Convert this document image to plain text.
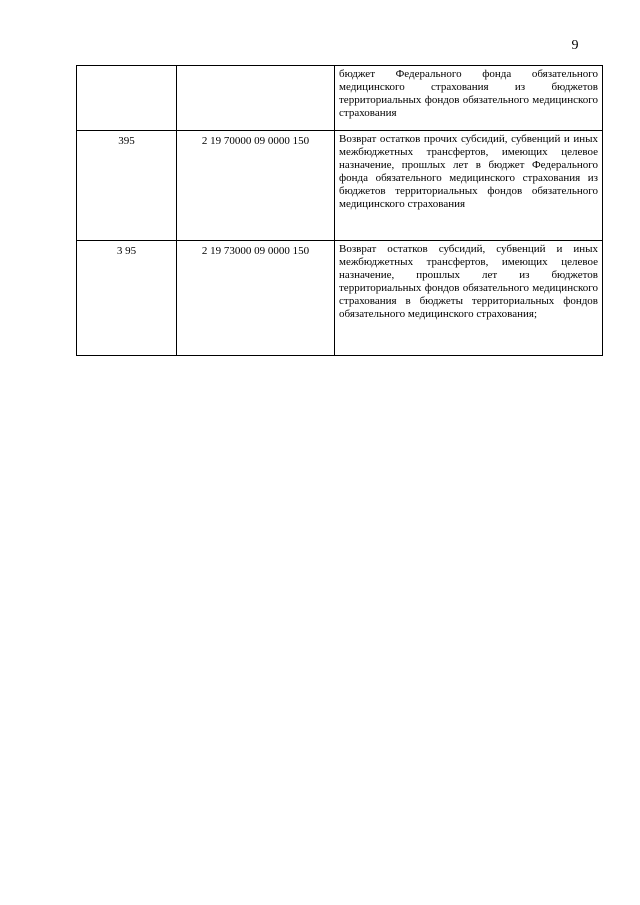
9
		бюджет Федерального фонда обязательного медицинского страхования из бюджетов территориальных фондов обязательного медицинского страхования
395	2 19 70000 09 0000 150	Возврат остатков прочих субсидий, субвенций и иных межбюджетных трансфертов, имеющих целевое назначение, прошлых лет в бюджет Федерального фонда обязательного медицинского страхования из бюджетов территориальных фондов обязательного медицинского страхования
3 95	2 19 73000 09 0000 150	Возврат остатков субсидий, субвенций и иных межбюджетных трансфертов, имеющих целевое назначение, прошлых лет из бюджетов территориальных фондов обязательного медицинского страхования в бюджеты территориальных фондов обязательного медицинского страхования;
